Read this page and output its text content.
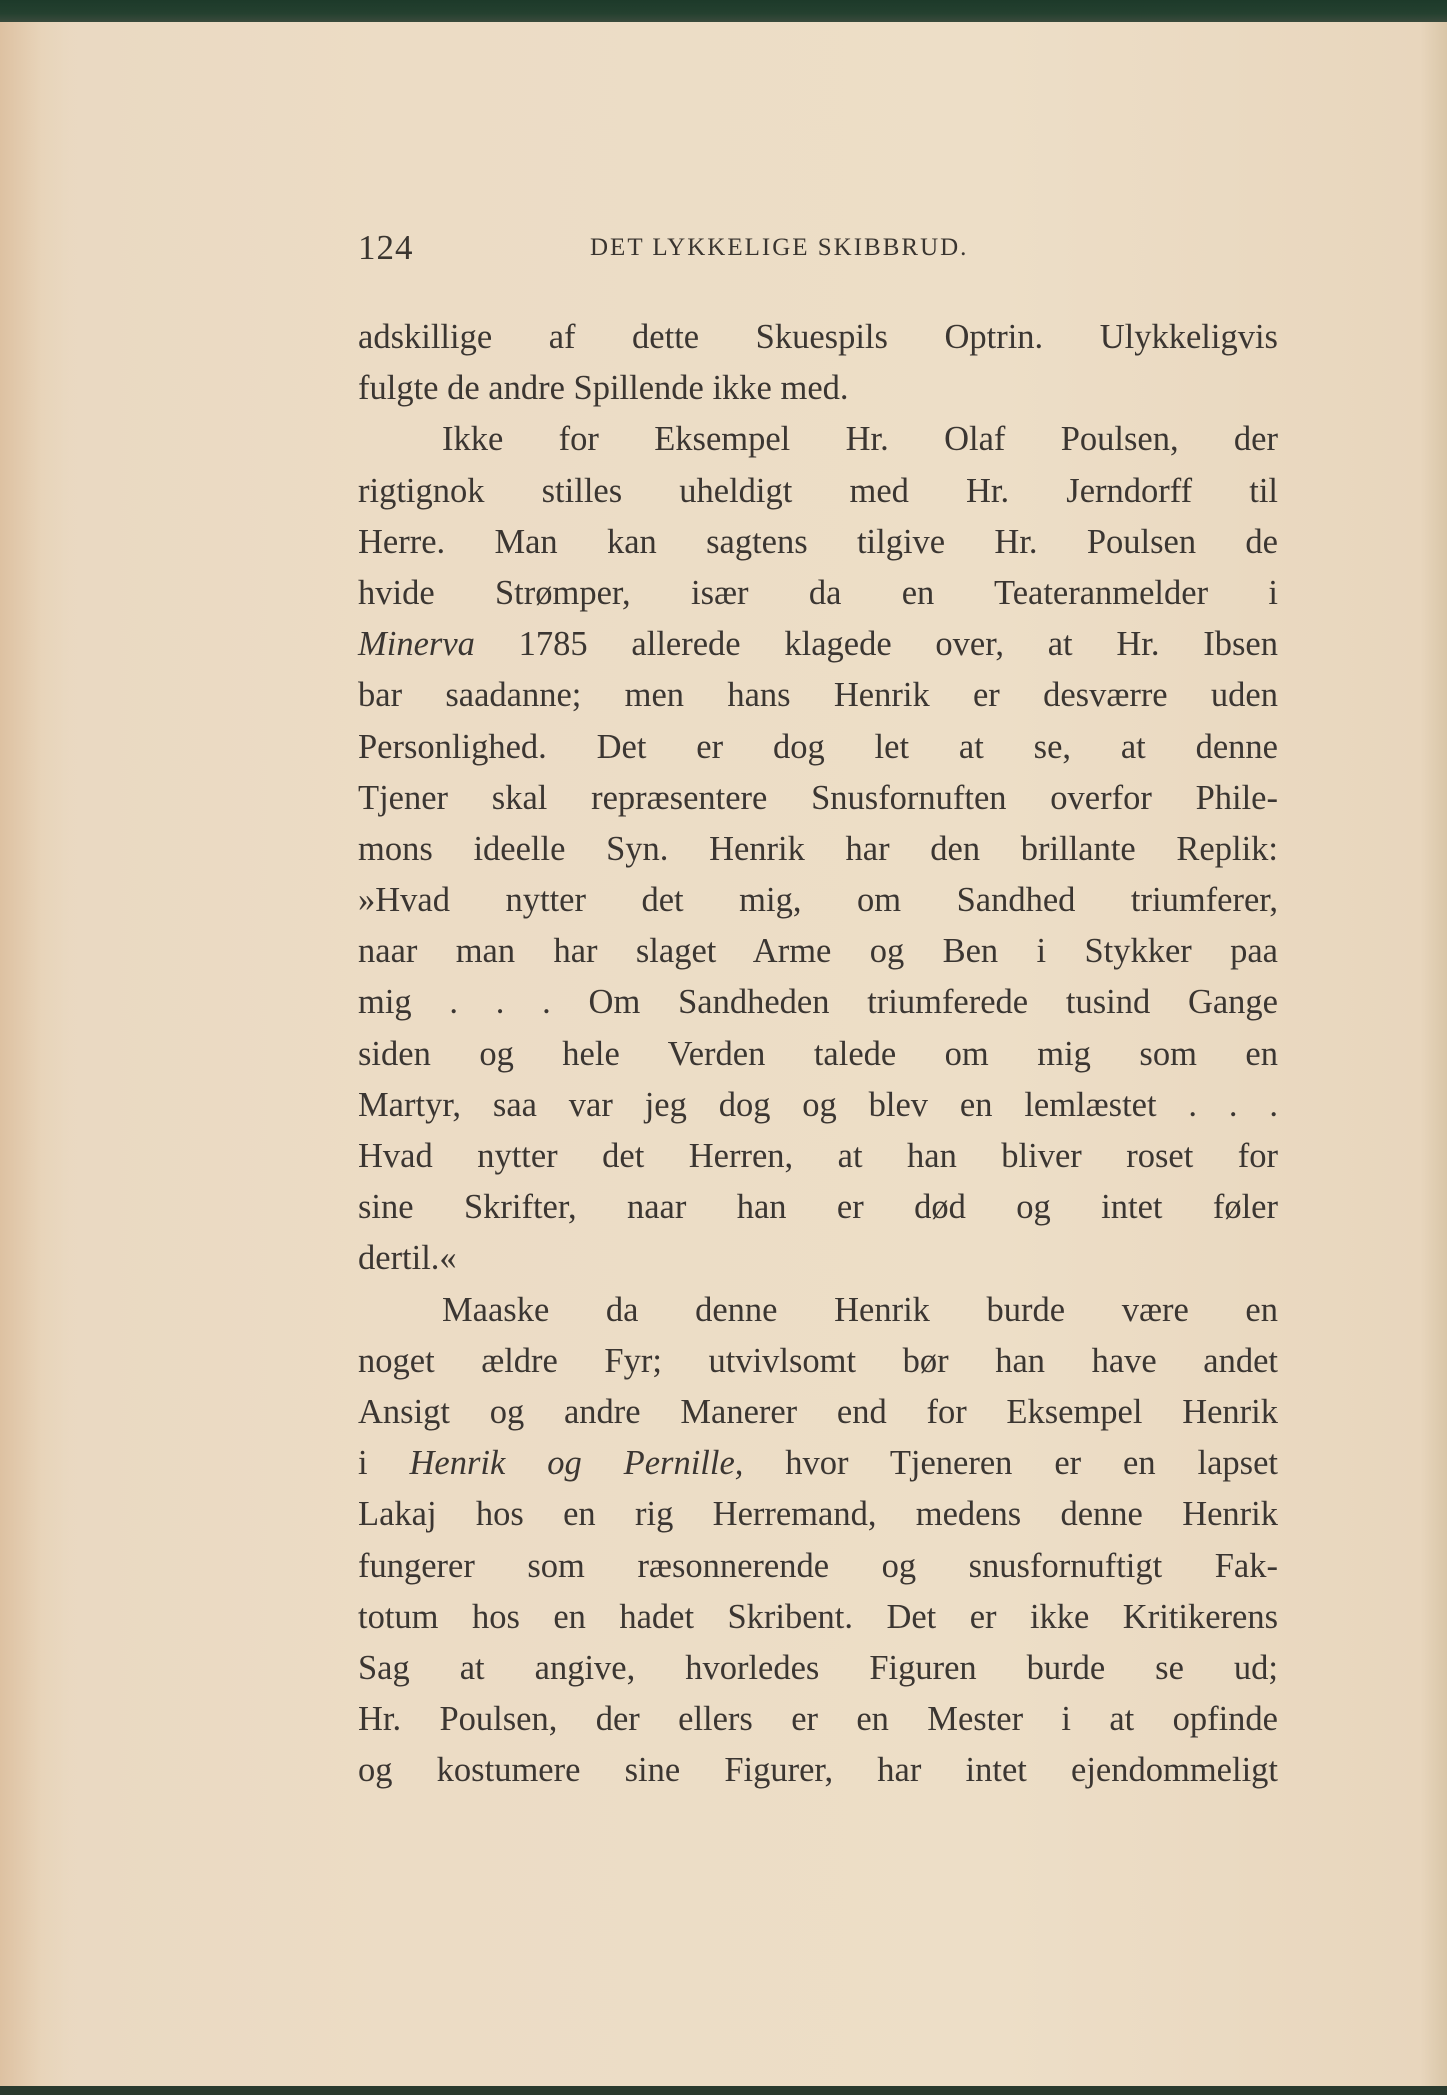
124	DET LYKKELIGE SKIBBRUD.
adskillige af dette Skuespils Optrin. Ulykkeligvis
fulgte de andre Spillende ikke med.
Ikke for Eksempel Hr. Olaf Poulsen, der
rigtignok stilles uheldigt med Hr. Jerndorff til
Herre. Man kan sagtens tilgive Hr. Poulsen de
hvide Strømper, især da en Teateranmelder i
Minerva 1785 allerede klagede over, at Hr. Ibsen
bar saadanne; men hans Henrik er desværre uden
Personlighed. Det er dog let at se, at denne
Tjener skal repræsentere Snusfornuften overfor Phile-
mons ideelle Syn. Henrik har den brillante Replik:
»Hvad nytter det mig, om Sandhed triumferer,
naar man har slaget Arme og Ben i Stykker paa
mig . . . Om Sandheden triumferede tusind Gange
siden og hele Verden talede om mig som en
Martyr, saa var jeg dog og blev en lemlæstet . . .
Hvad nytter det Herren, at han bliver roset for
sine Skrifter, naar han er død og intet føler
dertil.«
Maaske da denne Henrik burde være en
noget ældre Fyr; utvivlsomt bør han have andet
Ansigt og andre Manerer end for Eksempel Henrik
i Henrik og Pernille, hvor Tjeneren er en lapset
Lakaj hos en rig Herremand, medens denne Henrik
fungerer som ræsonnerende og snusfornuftigt Fak-
totum hos en hadet Skribent. Det er ikke Kritikerens
Sag at angive, hvorledes Figuren burde se ud;
Hr. Poulsen, der ellers er en Mester i at opfinde
og kostumere sine Figurer, har intet ejendommeligt
